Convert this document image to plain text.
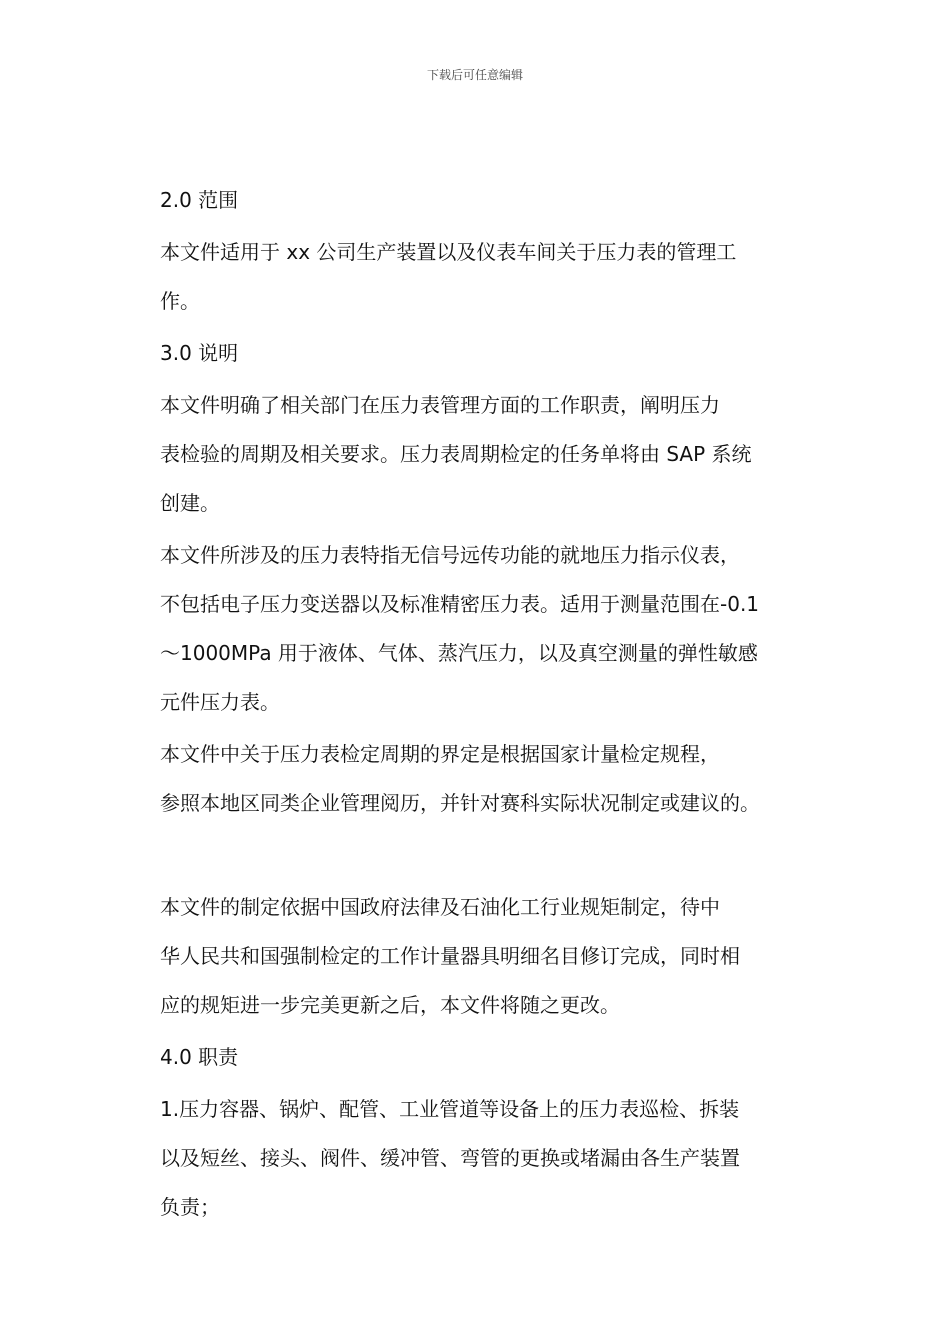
下载后可任意编辑
2.0 范围
本文件适用于 xx 公司生产装置以及仪表车间关于压力表的管理工
作。
3.0 说明
本文件明确了相关部门在压力表管理方面的工作职责，阐明压力
表检验的周期及相关要求。压力表周期检定的任务单将由 SAP 系统
创建。
本文件所涉及的压力表特指无信号远传功能的就地压力指示仪表，
不包括电子压力变送器以及标准精密压力表。适用于测量范围在-0.1
～1000MPa 用于液体、气体、蒸汽压力，以及真空测量的弹性敏感
元件压力表。
本文件中关于压力表检定周期的界定是根据国家计量检定规程，
参照本地区同类企业管理阅历，并针对赛科实际状况制定或建议的。
本文件的制定依据中国政府法律及石油化工行业规矩制定，待中
华人民共和国强制检定的工作计量器具明细名目修订完成，同时相
应的规矩进一步完美更新之后，本文件将随之更改。
4.0 职责
1.压力容器、锅炉、配管、工业管道等设备上的压力表巡检、拆装
以及短丝、接头、阀件、缓冲管、弯管的更换或堵漏由各生产装置
负责；
